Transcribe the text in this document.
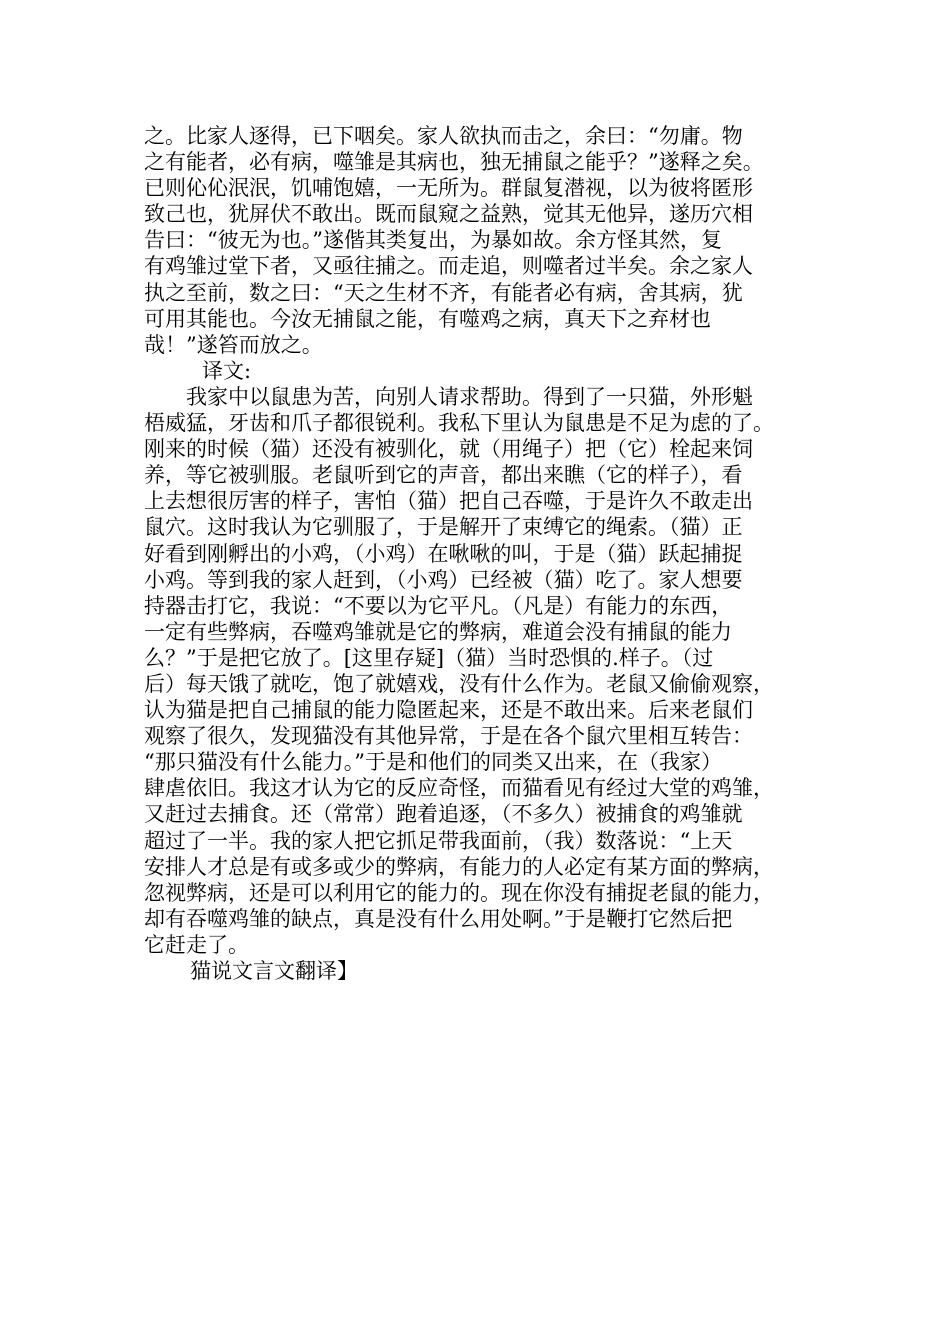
之。比家人逐得，已下咽矣。家人欲执而击之，余曰：“勿庸。物
之有能者，必有病，噬雏是其病也，独无捕鼠之能乎？”遂释之矣。
已则伈伈泯泯，饥哺饱嬉，一无所为。群鼠复潜视，以为彼将匿形
致己也，犹屏伏不敢出。既而鼠窥之益熟，觉其无他异，遂历穴相
告曰：“彼无为也。”遂偕其类复出，为暴如故。余方怪其然，复
有鸡雏过堂下者，又亟往捕之。而走追，则噬者过半矣。余之家人
执之至前，数之曰：“天之生材不齐，有能者必有病，舍其病，犹
可用其能也。今汝无捕鼠之能，有噬鸡之病，真天下之弃材也
哉！”遂笞而放之。
译文:
我家中以鼠患为苦，向别人请求帮助。得到了一只猫，外形魁
梧威猛，牙齿和爪子都很锐利。我私下里认为鼠患是不足为虑的了。
刚来的时候（猫）还没有被驯化，就（用绳子）把（它）栓起来饲
养，等它被驯服。老鼠听到它的声音，都出来瞧（它的样子），看
上去想很厉害的样子，害怕（猫）把自己吞噬，于是许久不敢走出
鼠穴。这时我认为它驯服了，于是解开了束缚它的绳索。（猫）正
好看到刚孵出的小鸡，（小鸡）在啾啾的叫，于是（猫）跃起捕捉
小鸡。等到我的家人赶到，（小鸡）已经被（猫）吃了。家人想要
持器击打它，我说：“不要以为它平凡。（凡是）有能力的东西，
一定有些弊病，吞噬鸡雏就是它的弊病，难道会没有捕鼠的能力
么？”于是把它放了。[这里存疑]（猫）当时恐惧的.样子。（过
后）每天饿了就吃，饱了就嬉戏，没有什么作为。老鼠又偷偷观察，
认为猫是把自己捕鼠的能力隐匿起来，还是不敢出来。后来老鼠们
观察了很久，发现猫没有其他异常，于是在各个鼠穴里相互转告：
“那只猫没有什么能力。”于是和他们的同类又出来，在（我家）
肆虐依旧。我这才认为它的反应奇怪，而猫看见有经过大堂的鸡雏，
又赶过去捕食。还（常常）跑着追逐，（不多久）被捕食的鸡雏就
超过了一半。我的家人把它抓足带我面前，（我）数落说：“上天
安排人才总是有或多或少的弊病，有能力的人必定有某方面的弊病，
忽视弊病，还是可以利用它的能力的。现在你没有捕捉老鼠的能力，
却有吞噬鸡雏的缺点，真是没有什么用处啊。”于是鞭打它然后把
它赶走了。
猫说文言文翻译】
